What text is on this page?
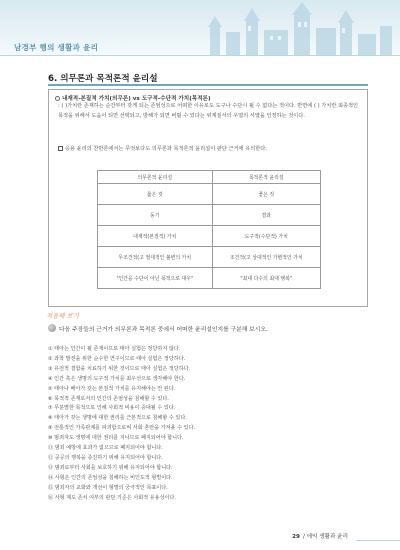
남경부 행의 생활과 윤리
6. 의무론과 목적론적 윤리설
내재적-본질적 가치(의무론) vs 도구적-수단적 가치(목적론)
: ( )가치란 존재하는 순간부터 갖게 되는 존엄성으로 어떠한 이유로도 도구나 수단시 될 수 없다는 것이다. 반면에 ( ) 가치란 최종적인 목적을 위해서 도움이 되면 선택되고, 방해가 되면 버릴 수 있다는 위계질서의 우열의 서열을 인정하는 것이다.
응용 윤리의 찬반론에서는 무엇보다도 의무론과 목적론적 윤리설이 판단 근거에 유의한다.
의무론적 윤리설	목적론적 윤리설
옳은 것	좋은 것
동기	결과
내재적(본질적) 가치	도구적(수단적) 가치
무조건적(고 절대적인 불변의 가치	조건적(고 상대적인 가변적인 가치
"인간을 수단이 아닌 목적으로 대우"	"최대 다수의 최대 행복"
적용해 보기
다음 주장들의 근거가 의무론과 목적론 중에서 어떠한 윤리설인지를 구분해 보시오.
① 태아는 인간이 될 존재이므로 태아 실험은 정당하지 않다.
② 과학 발전을 위한 순수한 연구이므로 태아 실험은 정당하다.
③ 유전적 결함을 치료하기 위한 것이므로 태아 실험은 정당하다.
④ 인간 혹은 생명의 도구적 가치를 최우선으로 생각해야 한다.
⑤ 태아나 배아가 갖는 본질적 가치를 유지해야는 안 된다.
⑥ 목적적 존재로서의 인간의 존엄성을 침해할 수 있다.
⑦ 무분별한 목적으로 인해 사회적 비용이 증대될 수 있다.
⑧ 태아가 갖는 생명에 대한 권리를 근본적으로 침해할 수 있다.
⑨ 전통적인 가족관계를 파괴함으로써 사회 혼란을 가져올 수 있다.
⑩ 범죄자도 생명에 대한 권리를 지니므로 폐지되어야 합니다.
⑪ 범죄 예방에 효과가 없으므로 폐지되어야 합니다.
⑫ 공공의 행복을 증진하기 위해 유지되어야 합니다.
⑬ 범죄로부터 사회를 보호하기 위해 유지되어야 합니다.
⑭ 사형은 인간의 존엄성을 침해하는 비인도적 형벌이다.
⑮ 범죄자의 교화와 개선이 형벌의 궁극적인 목표이다.
⑯ 사형 제도 존치 여부의 판단 기준은 사회적 유용성이다.
29 / 에익 생활과 윤리
